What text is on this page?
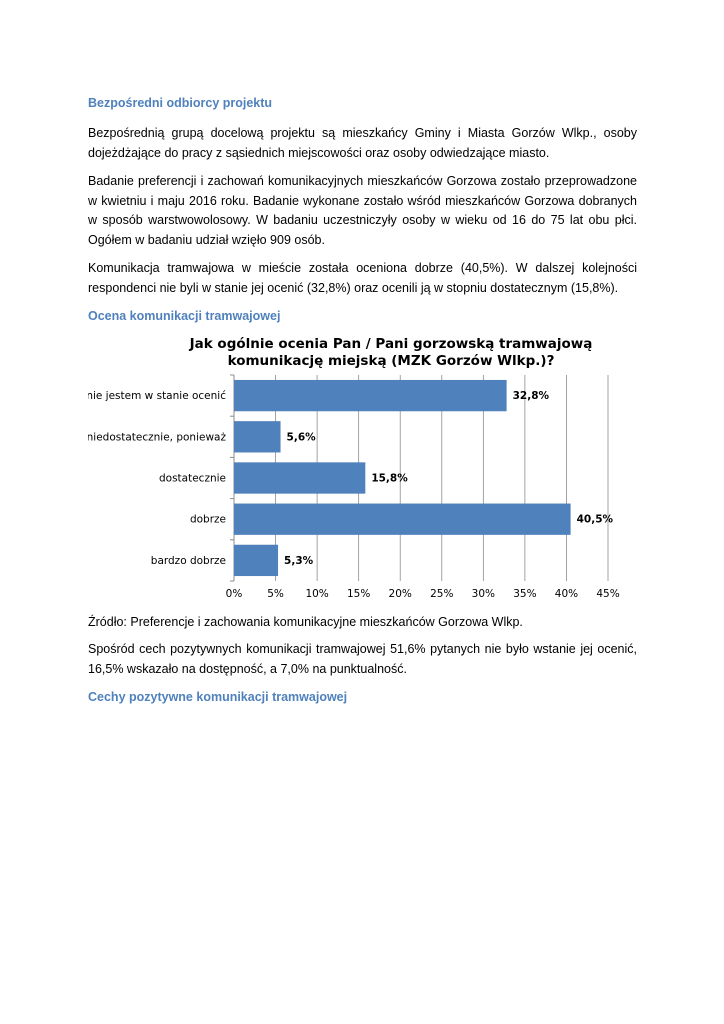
Bezpośredni odbiorcy projektu

Bezpośrednią grupą docelową projektu są mieszkańcy Gminy i Miasta Gorzów Wlkp., osoby dojeżdżające do pracy z sąsiednich miejscowości oraz osoby odwiedzające miasto.

Badanie preferencji i zachowań komunikacyjnych mieszkańców Gorzowa zostało przeprowadzone w kwietniu i maju 2016 roku. Badanie wykonane zostało wśród mieszkańców Gorzowa dobranych w sposób warstwowolosowy. W badaniu uczestniczyły osoby w wieku od 16 do 75 lat obu płci. Ogółem w badaniu udział wzięło 909 osób.

Komunikacja tramwajowa w mieście została oceniona dobrze (40,5%). W dalszej kolejności respondenci nie byli w stanie jej ocenić (32,8%) oraz ocenili ją w stopniu dostatecznym (15,8%).

Ocena komunikacji tramwajowej
Jak ogólnie ocenia Pan / Pani gorzowską tramwajową
komunikację miejską (MZK Gorzów Wlkp.)?
0% 5% 10% 15% 20% 25% 30% 35% 40% 45%
nie jestem w stanie ocenić	32,8%
niedostatecznie, ponieważ	5,6%
dostatecznie	15,8%
dobrze	40,5%
bardzo dobrze	5,3%
Źródło: Preferencje i zachowania komunikacyjne mieszkańców Gorzowa Wlkp.

Spośród cech pozytywnych komunikacji tramwajowej 51,6% pytanych nie było wstanie jej ocenić, 16,5% wskazało na dostępność, a 7,0% na punktualność.

Cechy pozytywne komunikacji tramwajowej
